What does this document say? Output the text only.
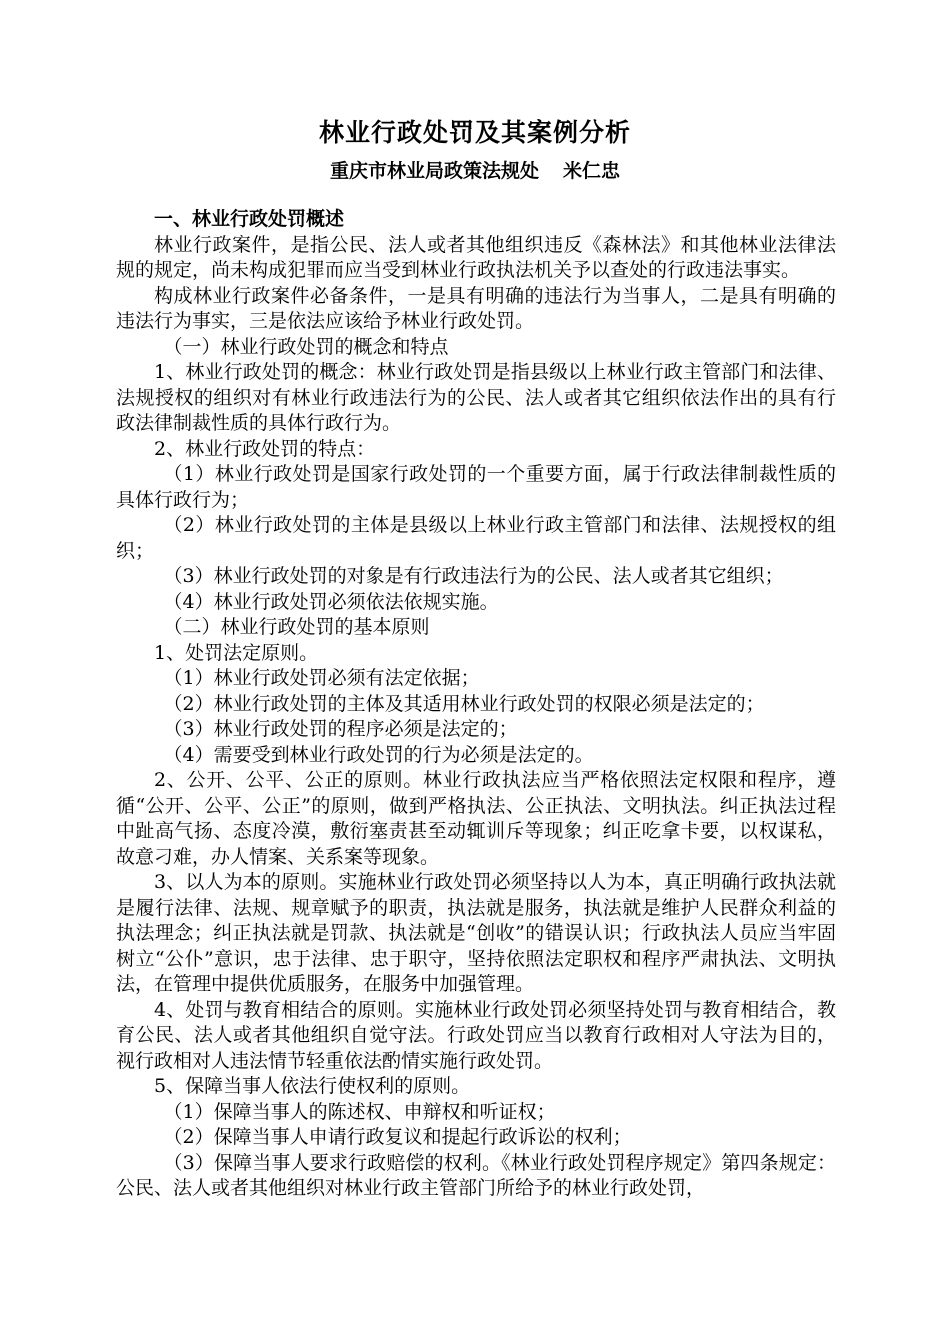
林业行政处罚及其案例分析
重庆市林业局政策法规处 米仁忠

一、林业行政处罚概述

林业行政案件，是指公民、法人或者其他组织违反《森林法》和其他林业法律法规的规定，尚未构成犯罪而应当受到林业行政执法机关予以查处的行政违法事实。

构成林业行政案件必备条件，一是具有明确的违法行为当事人，二是具有明确的违法行为事实，三是依法应该给予林业行政处罚。

（一）林业行政处罚的概念和特点

1、林业行政处罚的概念：林业行政处罚是指县级以上林业行政主管部门和法律、法规授权的组织对有林业行政违法行为的公民、法人或者其它组织依法作出的具有行政法律制裁性质的具体行政行为。

2、林业行政处罚的特点：

（1）林业行政处罚是国家行政处罚的一个重要方面，属于行政法律制裁性质的具体行政行为；

（2）林业行政处罚的主体是县级以上林业行政主管部门和法律、法规授权的组织；

（3）林业行政处罚的对象是有行政违法行为的公民、法人或者其它组织；

（4）林业行政处罚必须依法依规实施。

（二）林业行政处罚的基本原则

1、处罚法定原则。

（1）林业行政处罚必须有法定依据；

（2）林业行政处罚的主体及其适用林业行政处罚的权限必须是法定的；

（3）林业行政处罚的程序必须是法定的；

（4）需要受到林业行政处罚的行为必须是法定的。

2、公开、公平、公正的原则。林业行政执法应当严格依照法定权限和程序，遵循“公开、公平、公正”的原则，做到严格执法、公正执法、文明执法。纠正执法过程中趾高气扬、态度冷漠，敷衍塞责甚至动辄训斥等现象；纠正吃拿卡要，以权谋私，故意刁难，办人情案、关系案等现象。

3、以人为本的原则。实施林业行政处罚必须坚持以人为本，真正明确行政执法就是履行法律、法规、规章赋予的职责，执法就是服务，执法就是维护人民群众利益的执法理念；纠正执法就是罚款、执法就是“创收”的错误认识；行政执法人员应当牢固树立“公仆”意识，忠于法律、忠于职守，坚持依照法定职权和程序严肃执法、文明执法，在管理中提供优质服务，在服务中加强管理。

4、处罚与教育相结合的原则。实施林业行政处罚必须坚持处罚与教育相结合，教育公民、法人或者其他组织自觉守法。行政处罚应当以教育行政相对人守法为目的，视行政相对人违法情节轻重依法酌情实施行政处罚。

5、保障当事人依法行使权利的原则。

（1）保障当事人的陈述权、申辩权和听证权；

（2）保障当事人申请行政复议和提起行政诉讼的权利；

（3）保障当事人要求行政赔偿的权利。《林业行政处罚程序规定》第四条规定：公民、法人或者其他组织对林业行政主管部门所给予的林业行政处罚，
